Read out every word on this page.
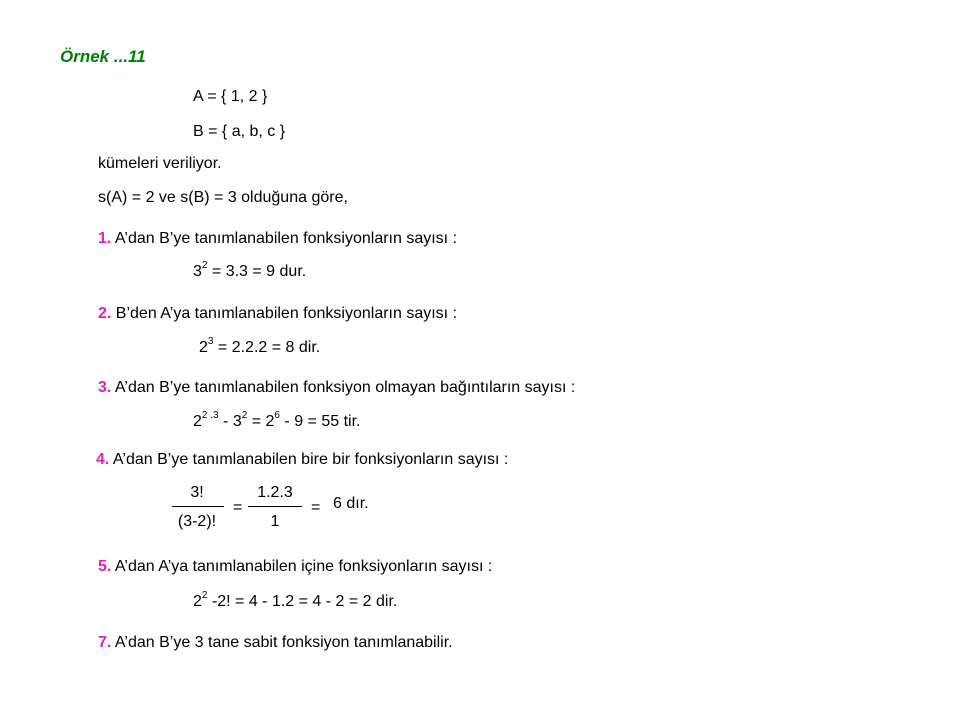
Örnek ...11
A = { 1, 2 }
B = { a, b, c }
kümeleri veriliyor.
s(A) = 2 ve s(B) = 3 olduğuna göre,
1. A’dan B’ye tanımlanabilen fonksiyonların sayısı :
$3^2 = 3.3 = 9$ dur.
2. B’den A’ya tanımlanabilen fonksiyonların sayısı :
$2^3 = 2.2.2 = 8$ dir.
3. A’dan B’ye tanımlanabilen fonksiyon olmayan bağıntıların sayısı :
$2^{2 .3} - 3^2 = 2^6 - 9 = 55$ tir.
4. A’dan B’ye tanımlanabilen bire bir fonksiyonların sayısı :
3!
(3-2)!
=
1.2.3
1
= 6 dır.
5. A’dan A’ya tanımlanabilen içine fonksiyonların sayısı :
$2^2$ -2! = 4 - 1.2 = 4 - 2 = 2 dir.
7. A’dan B’ye 3 tane sabit fonksiyon tanımlanabilir.
